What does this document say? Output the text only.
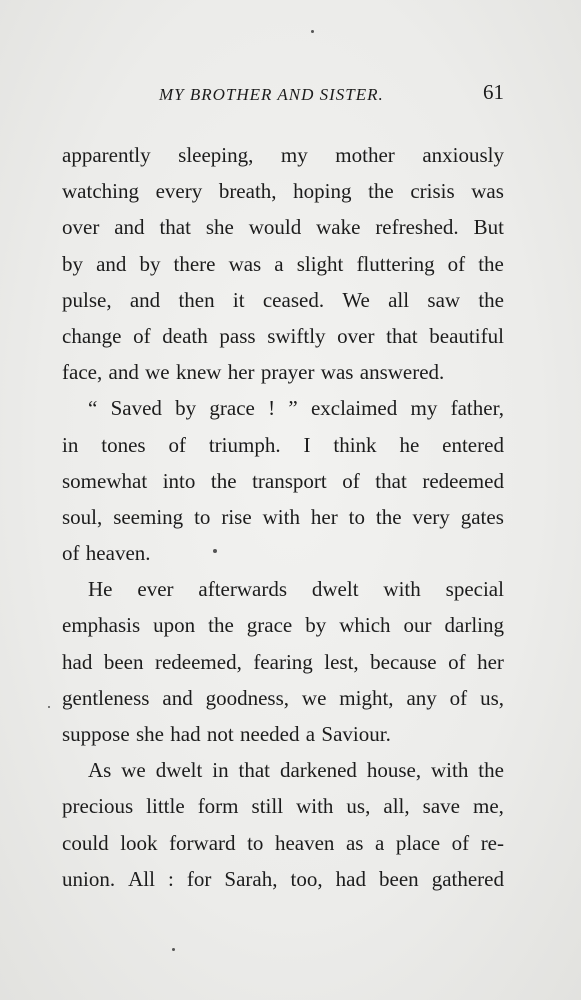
MY BROTHER AND SISTER.	61
apparently sleeping, my mother anxiously
watching every breath, hoping the crisis was
over and that she would wake refreshed. But
by and by there was a slight fluttering of the
pulse, and then it ceased. We all saw the
change of death pass swiftly over that beautiful
face, and we knew her prayer was answered.
“ Saved by grace ! ” exclaimed my father,
in tones of triumph. I think he entered
somewhat into the transport of that redeemed
soul, seeming to rise with her to the very gates
of heaven.
He ever afterwards dwelt with special
emphasis upon the grace by which our darling
had been redeemed, fearing lest, because of her
gentleness and goodness, we might, any of us,
suppose she had not needed a Saviour.
As we dwelt in that darkened house, with the
precious little form still with us, all, save me,
could look forward to heaven as a place of re-
union. All : for Sarah, too, had been gathered
